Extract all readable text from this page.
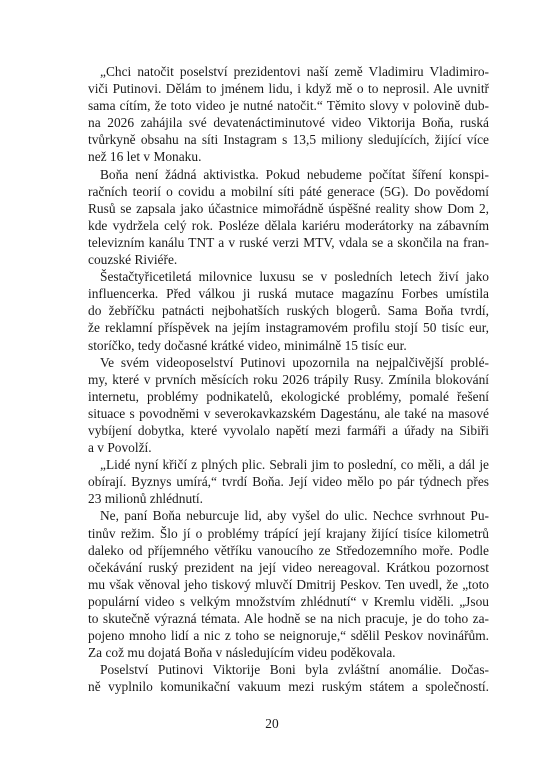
„Chci natočit poselství prezidentovi naší země Vladimiru Vladimiro-
viči Putinovi. Dělám to jménem lidu, i když mě o to neprosil. Ale uvnitř
sama cítím, že toto video je nutné natočit.“ Těmito slovy v polovině dub-
na 2026 zahájila své devatenáctiminutové video Viktorija Boňa, ruská
tvůrkyně obsahu na síti Instagram s 13,5 miliony sledujících, žijící více
než 16 let v Monaku.
Boňa není žádná aktivistka. Pokud nebudeme počítat šíření konspi-
račních teorií o covidu a mobilní síti páté generace (5G). Do povědomí
Rusů se zapsala jako účastnice mimořádně úspěšné reality show Dom 2,
kde vydržela celý rok. Posléze dělala kariéru moderátorky na zábavním
televizním kanálu TNT a v ruské verzi MTV, vdala se a skončila na fran-
couzské Riviéře.
Šestačtyřicetiletá milovnice luxusu se v posledních letech živí jako
influencerka. Před válkou ji ruská mutace magazínu Forbes umístila
do žebříčku patnácti nejbohatších ruských blogerů. Sama Boňa tvrdí,
že reklamní příspěvek na jejím instagramovém profilu stojí 50 tisíc eur,
storíčko, tedy dočasné krátké video, minimálně 15 tisíc eur.
Ve svém videoposelství Putinovi upozornila na nejpalčivější problé-
my, které v prvních měsících roku 2026 trápily Rusy. Zmínila blokování
internetu, problémy podnikatelů, ekologické problémy, pomalé řešení
situace s povodněmi v severokavkazském Dagestánu, ale také na masové
vybíjení dobytka, které vyvolalo napětí mezi farmáři a úřady na Sibiři
a v Povolží.
„Lidé nyní křičí z plných plic. Sebrali jim to poslední, co měli, a dál je
obírají. Byznys umírá,“ tvrdí Boňa. Její video mělo po pár týdnech přes
23 milionů zhlédnutí.
Ne, paní Boňa neburcuje lid, aby vyšel do ulic. Nechce svrhnout Pu-
tinův režim. Šlo jí o problémy trápící její krajany žijící tisíce kilometrů
daleko od příjemného větříku vanoucího ze Středozemního moře. Podle
očekávání ruský prezident na její video nereagoval. Krátkou pozornost
mu však věnoval jeho tiskový mluvčí Dmitrij Peskov. Ten uvedl, že „toto
populární video s velkým množstvím zhlédnutí“ v Kremlu viděli. „Jsou
to skutečně výrazná témata. Ale hodně se na nich pracuje, je do toho za-
pojeno mnoho lidí a nic z toho se neignoruje,“ sdělil Peskov novinářům.
Za což mu dojatá Boňa v následujícím videu poděkovala.
Poselství Putinovi Viktorije Boni byla zvláštní anomálie. Dočas-
ně vyplnilo komunikační vakuum mezi ruským státem a společností.
20
